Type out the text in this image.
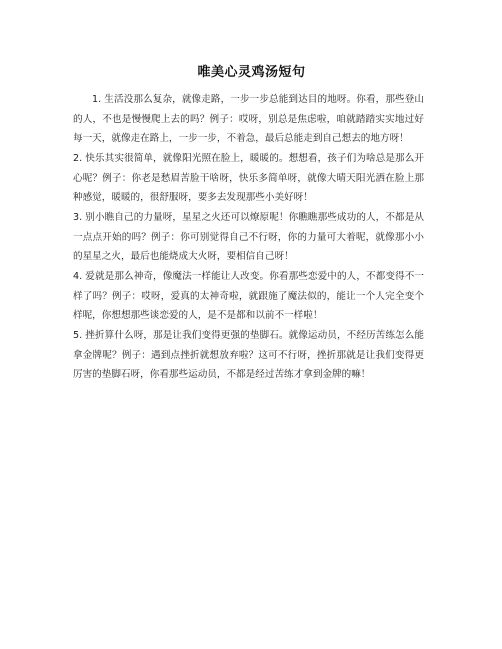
唯美心灵鸡汤短句

1. 生活没那么复杂，就像走路，一步一步总能到达目的地呀。你看，那些登山的人，不也是慢慢爬上去的吗？例子：哎呀，别总是焦虑啦，咱就踏踏实实地过好每一天，就像走在路上，一步一步，不着急，最后总能走到自己想去的地方呀！

2. 快乐其实很简单，就像阳光照在脸上，暖暖的。想想看，孩子们为啥总是那么开心呢？例子：你老是愁眉苦脸干啥呀，快乐多简单呀，就像大晴天阳光洒在脸上那种感觉，暖暖的，很舒服呀，要多去发现那些小美好呀！

3. 别小瞧自己的力量呀，星星之火还可以燎原呢！你瞧瞧那些成功的人，不都是从一点点开始的吗？例子：你可别觉得自己不行呀，你的力量可大着呢，就像那小小的星星之火，最后也能烧成大火呀，要相信自己呀！

4. 爱就是那么神奇，像魔法一样能让人改变。你看那些恋爱中的人，不都变得不一样了吗？例子：哎呀，爱真的太神奇啦，就跟施了魔法似的，能让一个人完全变个样呢，你想想那些谈恋爱的人，是不是都和以前不一样啦！

5. 挫折算什么呀，那是让我们变得更强的垫脚石。就像运动员，不经历苦练怎么能拿金牌呢？例子：遇到点挫折就想放弃啦？这可不行呀，挫折那就是让我们变得更厉害的垫脚石呀，你看那些运动员，不都是经过苦练才拿到金牌的嘛！
